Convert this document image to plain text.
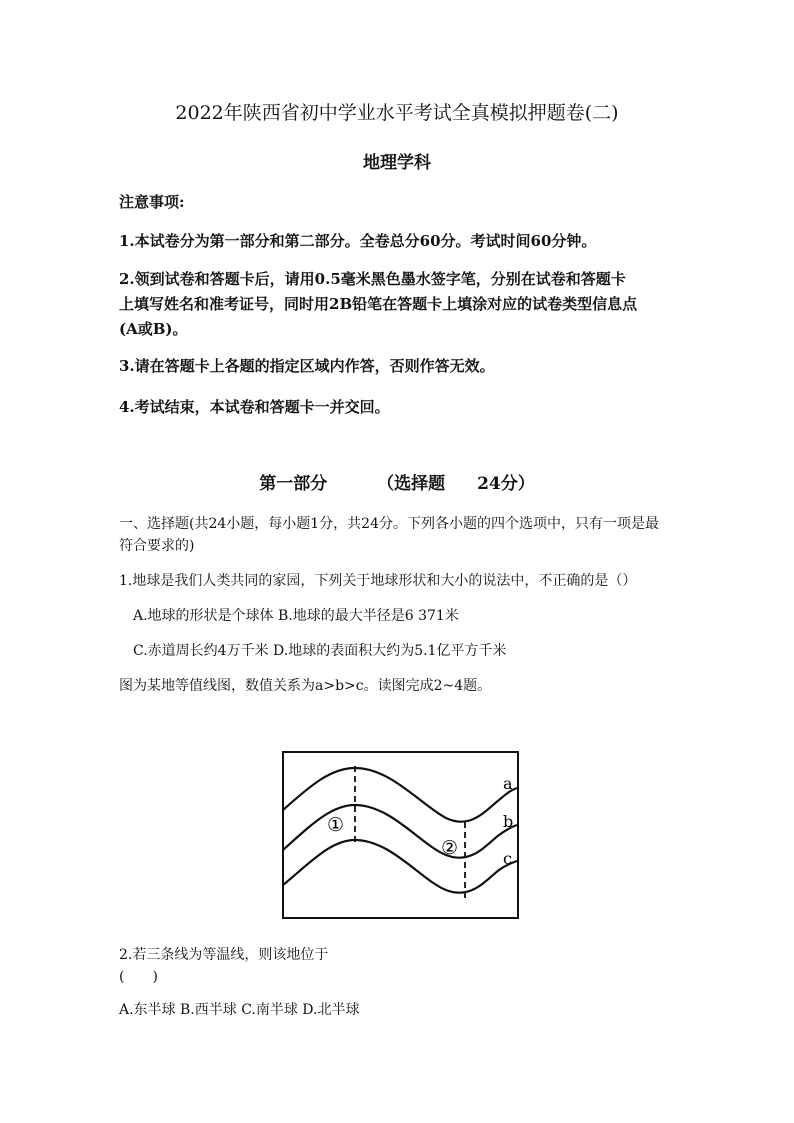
2022年陕西省初中学业水平考试全真模拟押题卷(二)
地理学科
注意事项:
1.本试卷分为第一部分和第二部分。全卷总分60分。考试时间60分钟。
2.领到试卷和答题卡后，请用0.5毫米黑色墨水签字笔，分别在试卷和答题卡
上填写姓名和准考证号，同时用2B铅笔在答题卡上填涂对应的试卷类型信息点
(A或B)。
3.请在答题卡上各题的指定区域内作答，否则作答无效。
4.考试结束，本试卷和答题卡一并交回。
第一部分	（选择题 24分）
一、选择题(共24小题，每小题1分，共24分。下列各小题的四个选项中，只有一项是最
符合要求的)
1.地球是我们人类共同的家园，下列关于地球形状和大小的说法中，不正确的是（）
A.地球的形状是个球体 B.地球的最大半径是6 371米
C.赤道周长约4万千米 D.地球的表面积大约为5.1亿平方千米
图为某地等值线图，数值关系为a>b>c。读图完成2~4题。
a
b
c
①
②
2.若三条线为等温线，则该地位于
(　　)
A.东半球 B.西半球 C.南半球 D.北半球
